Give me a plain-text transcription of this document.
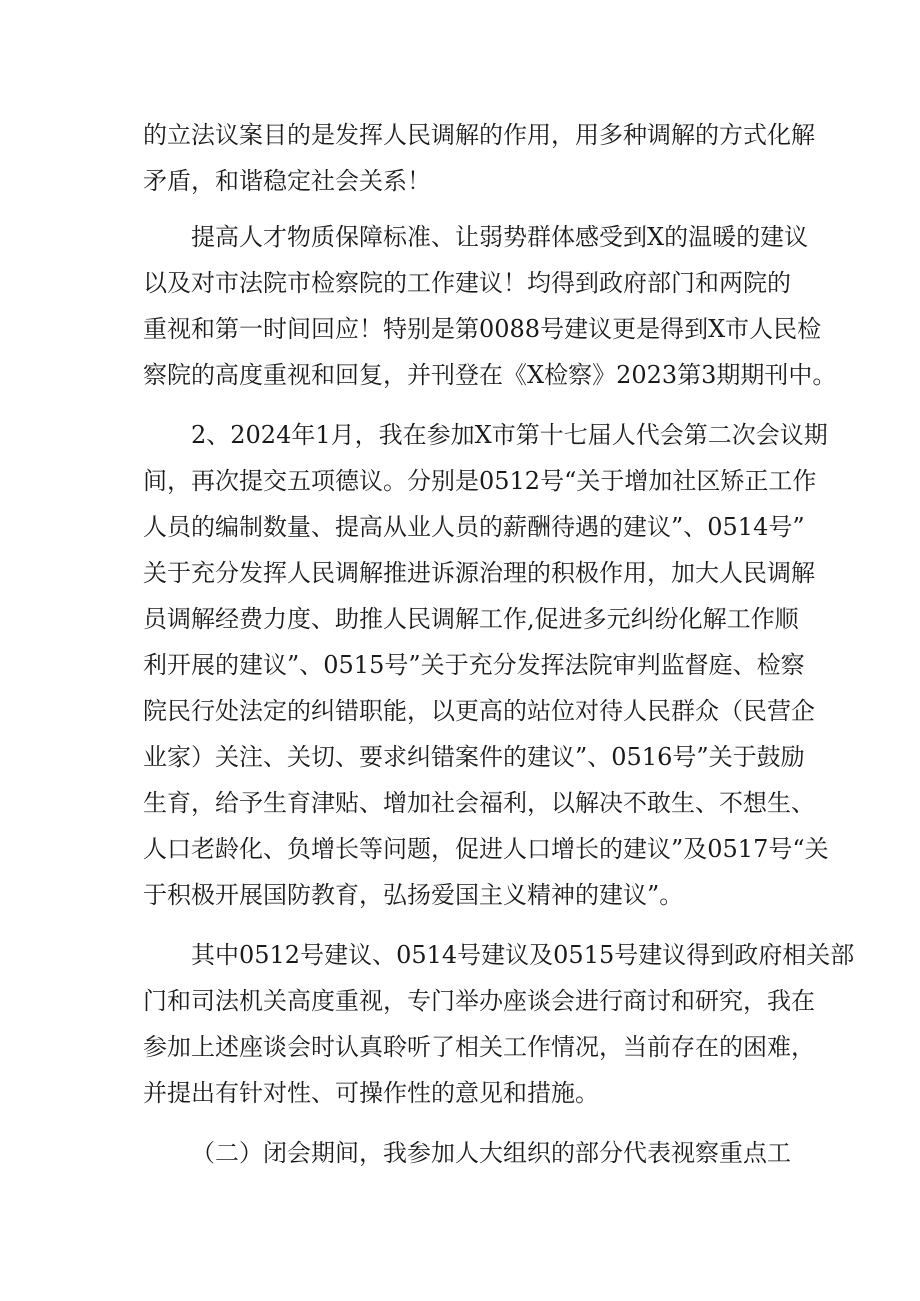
的立法议案目的是发挥人民调解的作用，用多种调解的方式化解
矛盾，和谐稳定社会关系！
提高人才物质保障标准、让弱势群体感受到X的温暖的建议
以及对市法院市检察院的工作建议！均得到政府部门和两院的
重视和第一时间回应！特别是第0088号建议更是得到X市人民检
察院的高度重视和回复，并刊登在《X检察》2023第3期期刊中。
2、2024年1月，我在参加X市第十七届人代会第二次会议期
间，再次提交五项德议。分别是0512号“关于增加社区矫正工作
人员的编制数量、提高从业人员的薪酬待遇的建议”、0514号”
关于充分发挥人民调解推进诉源治理的积极作用，加大人民调解
员调解经费力度、助推人民调解工作,促进多元纠纷化解工作顺
利开展的建议”、0515号”关于充分发挥法院审判监督庭、检察
院民行处法定的纠错职能，以更高的站位对待人民群众（民营企
业家）关注、关切、要求纠错案件的建议”、0516号”关于鼓励
生育，给予生育津贴、增加社会福利，以解决不敢生、不想生、
人口老龄化、负增长等问题，促进人口增长的建议”及0517号“关
于积极开展国防教育，弘扬爱国主义精神的建议”。
其中0512号建议、0514号建议及0515号建议得到政府相关部
门和司法机关高度重视，专门举办座谈会进行商讨和研究，我在
参加上述座谈会时认真聆听了相关工作情况，当前存在的困难，
并提出有针对性、可操作性的意见和措施。
（二）闭会期间，我参加人大组织的部分代表视察重点工
